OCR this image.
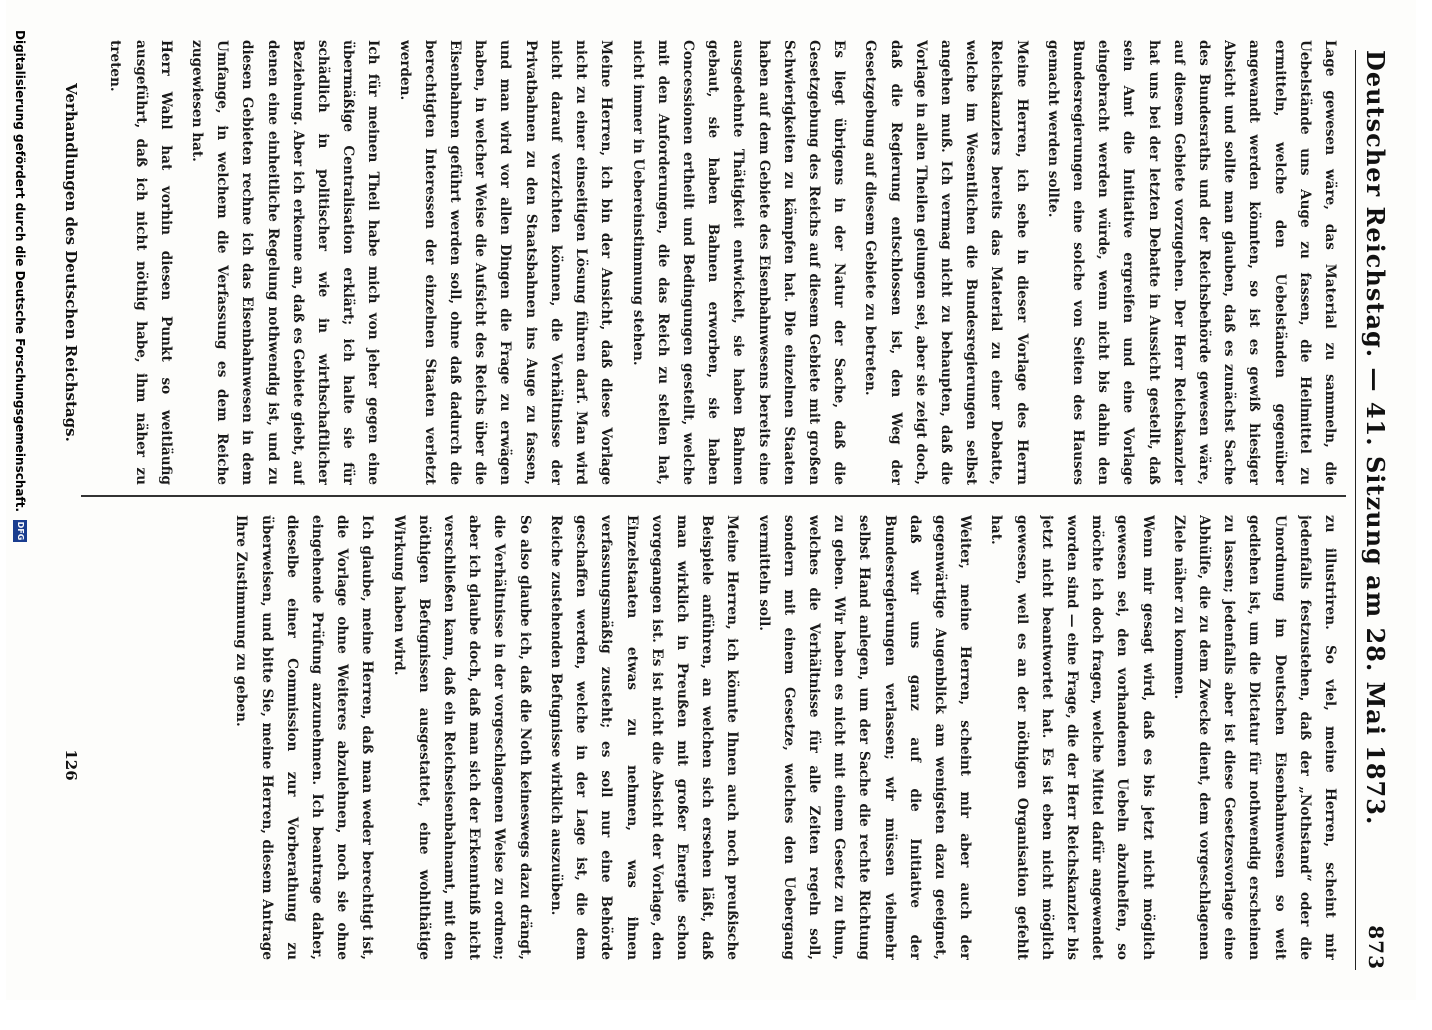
Deutscher Reichstag. — 41. Sitzung am 28. Mai 1873.
873

Lage gewesen wäre, das Material zu sammeln, die Uebelstände uns Auge zu fassen, die Heilmittel zu ermitteln, welche den Uebelständen gegenüber angewandt werden könnten, so ist es gewiß hiesiger Absicht und sollte man glauben, daß es zunächst Sache des Bundesraths und der Reichsbehörde gewesen wäre, auf diesem Gebiete vorzugehen. Der Herr Reichskanzler hat uns bei der letzten Debatte in Aussicht gestellt, daß sein Amt die Initiative ergreifen und eine Vorlage eingebracht werden würde, wenn nicht bis dahin den Bundesregierungen eine solche von Seiten des Hauses gemacht werden sollte.

Meine Herren, ich sehe in dieser Vorlage des Herrn Reichskanzlers bereits das Material zu einer Debatte, welche im Wesentlichen die Bundesregierungen selbst angehen muß. Ich vermag nicht zu behaupten, daß die Vorlage in allen Theilen gelungen sei, aber sie zeigt doch, daß die Regierung entschlossen ist, den Weg der Gesetzgebung auf diesem Gebiete zu betreten.

Es liegt übrigens in der Natur der Sache, daß die Gesetzgebung des Reichs auf diesem Gebiete mit großen Schwierigkeiten zu kämpfen hat. Die einzelnen Staaten haben auf dem Gebiete des Eisenbahnwesens bereits eine ausgedehnte Thätigkeit entwickelt, sie haben Bahnen gebaut, sie haben Bahnen erworben, sie haben Concessionen ertheilt und Bedingungen gestellt, welche mit den Anforderungen, die das Reich zu stellen hat, nicht immer in Uebereinstimmung stehen.

Meine Herren, ich bin der Ansicht, daß diese Vorlage nicht zu einer einseitigen Lösung führen darf. Man wird nicht darauf verzichten können, die Verhältnisse der Privatbahnen zu den Staatsbahnen ins Auge zu fassen, und man wird vor allen Dingen die Frage zu erwägen haben, in welcher Weise die Aufsicht des Reichs über die Eisenbahnen geführt werden soll, ohne daß dadurch die berechtigten Interessen der einzelnen Staaten verletzt werden.

Ich für meinen Theil habe mich von jeher gegen eine übermäßige Centralisation erklärt; ich halte sie für schädlich in politischer wie in wirthschaftlicher Beziehung. Aber ich erkenne an, daß es Gebiete giebt, auf denen eine einheitliche Regelung nothwendig ist, und zu diesen Gebieten rechne ich das Eisenbahnwesen in dem Umfange, in welchem die Verfassung es dem Reiche zugewiesen hat.

Herr Wahl hat vorhin diesen Punkt so weitläufig ausgeführt, daß ich nicht nöthig habe, ihm näher zu treten.

zu illustriren. So viel, meine Herren, scheint mir jedenfalls festzustehen, daß der „Nothstand“ oder die Unordnung im Deutschen Eisenbahnwesen so weit gediehen ist, um die Dictatur für nothwendig erscheinen zu lassen; jedenfalls aber ist diese Gesetzesvorlage eine Abhülfe, die zu dem Zwecke dient, dem vorgeschlagenen Ziele näher zu kommen.

Wenn mir gesagt wird, daß es bis jetzt nicht möglich gewesen sei, den vorhandenen Uebeln abzuhelfen, so möchte ich doch fragen, welche Mittel dafür angewendet worden sind — eine Frage, die der Herr Reichskanzler bis jetzt nicht beantwortet hat. Es ist eben nicht möglich gewesen, weil es an der nöthigen Organisation gefehlt hat.

Weiter, meine Herren, scheint mir aber auch der gegenwärtige Augenblick am wenigsten dazu geeignet, daß wir uns ganz auf die Initiative der Bundesregierungen verlassen; wir müssen vielmehr selbst Hand anlegen, um der Sache die rechte Richtung zu geben. Wir haben es nicht mit einem Gesetz zu thun, welches die Verhältnisse für alle Zeiten regeln soll, sondern mit einem Gesetze, welches den Uebergang vermitteln soll.

Meine Herren, ich könnte Ihnen auch noch preußische Beispiele anführen, an welchen sich ersehen läßt, daß man wirklich in Preußen mit großer Energie schon vorgegangen ist. Es ist nicht die Absicht der Vorlage, den Einzelstaaten etwas zu nehmen, was ihnen verfassungsmäßig zusteht; es soll nur eine Behörde geschaffen werden, welche in der Lage ist, die dem Reiche zustehenden Befugnisse wirklich auszuüben.

So also glaube ich, daß die Noth keineswegs dazu drängt, die Verhältnisse in der vorgeschlagenen Weise zu ordnen; aber ich glaube doch, daß man sich der Erkenntniß nicht verschließen kann, daß ein Reichseisenbahnamt, mit den nöthigen Befugnissen ausgestattet, eine wohlthätige Wirkung haben wird.

Ich glaube, meine Herren, daß man weder berechtigt ist, die Vorlage ohne Weiteres abzulehnen, noch sie ohne eingehende Prüfung anzunehmen. Ich beantrage daher, dieselbe einer Commission zur Vorberathung zu überweisen, und bitte Sie, meine Herren, diesem Antrage Ihre Zustimmung zu geben.

Verhandlungen des Deutschen Reichstags.
126
Digitalisierung gefördert durch die Deutsche Forschungsgemeinschaft.
DFG
